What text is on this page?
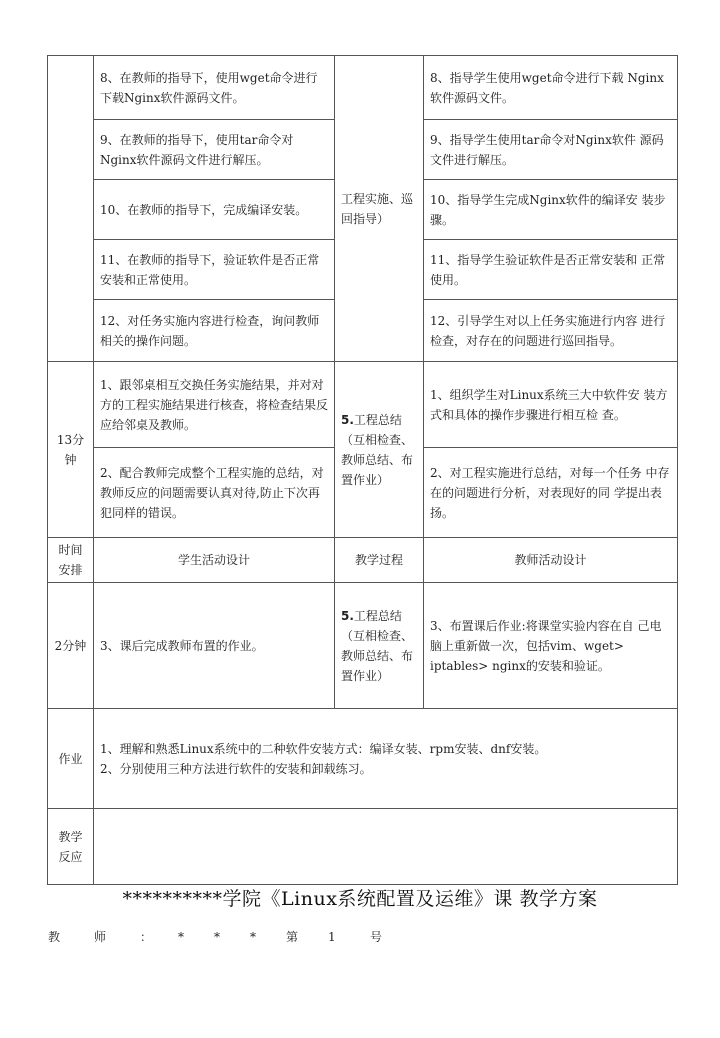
	8、在教师的指导下，使用wget命令进行下载Nginx软件源码文件。	工程实施、巡回指导）	8、指导学生使用wget命令进行下载 Nginx 软件源码文件。
	9、在教师的指导下，使用tar命令对Nginx软件源码文件进行解压。		9、指导学生使用tar命令对Nginx软件 源码文件进行解压。
	10、在教师的指导下，完成编译安装。		10、指导学生完成Nginx软件的编译安 装步骤。
	11、在教师的指导下，验证软件是否正常安装和正常使用。		11、指导学生验证软件是否正常安装和 正常使用。
	12、对任务实施内容进行检查，询问教师相关的操作问题。		12、引导学生对以上任务实施进行内容 进行检查，对存在的问题进行巡回指导。
13分钟	1、跟邻桌相互交换任务实施结果，并对对方的工程实施结果进行核查，将检查结果反应给邻桌及教师。	5.工程总结（互相检查、教师总结、布置作业）	1、组织学生对Linux系统三大中软件安 装方式和具体的操作步骤进行相互检 查。
	2、配合教师完成整个工程实施的总结，对教师反应的问题需要认真对待,防止下次再犯同样的错误。		2、对工程实施进行总结，对每一个任务 中存在的问题进行分析，对表现好的同 学提出表扬。
时间安排	学生活动设计	教学过程	教师活动设计
2分钟	3、课后完成教师布置的作业。	5.工程总结（互相检查、教师总结、布置作业）	3、布置课后作业:将课堂实验内容在自 己电脑上重新做一次，包括vim、wget> iptables> nginx的安装和验证。
作业	1、理解和熟悉Linux系统中的二种软件安装方式：编译女装、rpm安装、dnf安装。
2、分别使用三种方法进行软件的安装和卸载练习。		

教学反应			
**********学院《Linux系统配置及运维》课 教学方案
教	师	： *	*	*	第 1	号
